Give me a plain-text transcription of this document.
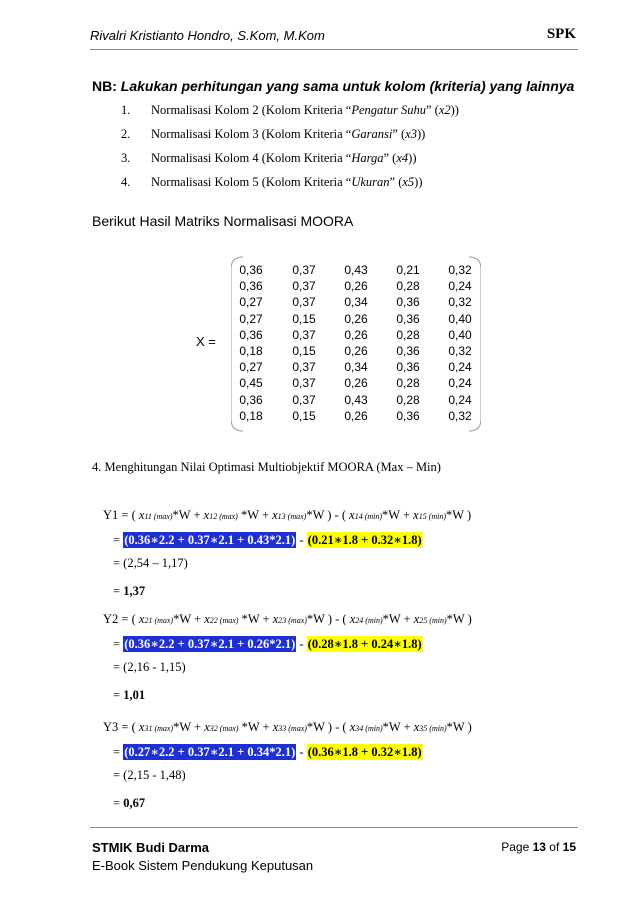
Rivalri Kristianto Hondro, S.Kom, M.Kom	SPK
NB: Lakukan perhitungan yang sama untuk kolom (kriteria) yang lainnya
1. Normalisasi Kolom 2 (Kolom Kriteria “Pengatur Suhu” (x2))
2. Normalisasi Kolom 3 (Kolom Kriteria “Garansi” (x3))
3. Normalisasi Kolom 4 (Kolom Kriteria “Harga” (x4))
4. Normalisasi Kolom 5 (Kolom Kriteria “Ukuran” (x5))
Berikut Hasil Matriks Normalisasi MOORA
X =
0,36	0,37	0,43	0,21	0,32
0,36	0,37	0,26	0,28	0,24
0,27	0,37	0,34	0,36	0,32
0,27	0,15	0,26	0,36	0,40
0,36	0,37	0,26	0,28	0,40
0,18	0,15	0,26	0,36	0,32
0,27	0,37	0,34	0,36	0,24
0,45	0,37	0,26	0,28	0,24
0,36	0,37	0,43	0,28	0,24
0,18	0,15	0,26	0,36	0,32
4. Menghitungan Nilai Optimasi Multiobjektif MOORA (Max – Min)
Y1 = ( x11 (max)*W + x12 (max) *W + x13 (max)*W ) - ( x14 (min)*W + x15 (min)*W )
= (0.36∗2.2 + 0.37∗2.1 + 0.43*2.1) - (0.21∗1.8 + 0.32∗1.8)
= (2,54 – 1,17)
= 1,37
Y2 = ( x21 (max)*W + x22 (max) *W + x23 (max)*W ) - ( x24 (min)*W + x25 (min)*W )
= (0.36∗2.2 + 0.37∗2.1 + 0.26*2.1) - (0.28∗1.8 + 0.24∗1.8)
= (2,16 - 1,15)
= 1,01
Y3 = ( x31 (max)*W + x32 (max) *W + x33 (max)*W ) - ( x34 (min)*W + x35 (min)*W )
= (0.27∗2.2 + 0.37∗2.1 + 0.34*2.1) - (0.36∗1.8 + 0.32∗1.8)
= (2,15 - 1,48)
= 0,67
STMIK Budi Darma
E-Book Sistem Pendukung Keputusan
Page 13 of 15
